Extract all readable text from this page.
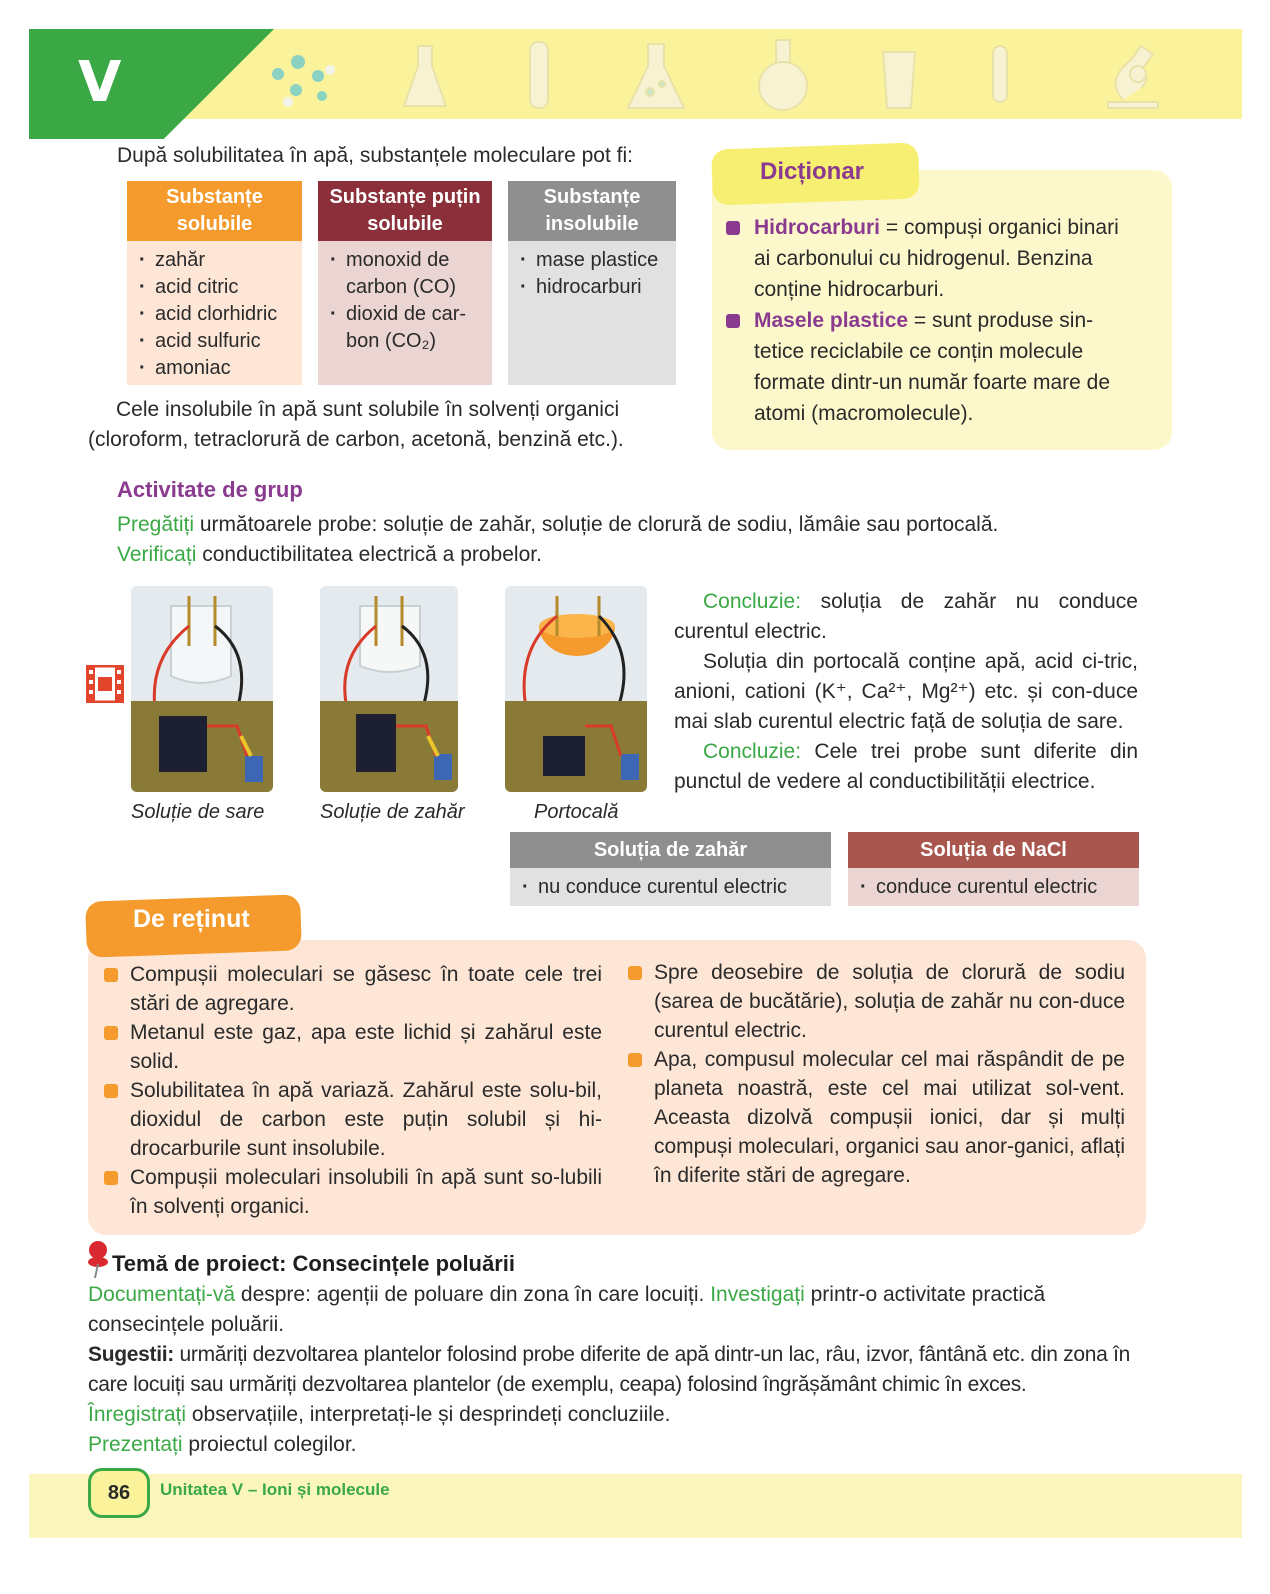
V
După solubilitatea în apă, substanțele moleculare pot fi:
Substanțe solubile
· zahăr
· acid citric
· acid clorhidric
· acid sulfuric
· amoniac
Substanțe puțin solubile
· monoxid de carbon (CO)
· dioxid de car-bon (CO₂)
Substanțe insolubile
· mase plastice
· hidrocarburi
Cele insolubile în apă sunt solubile în solvenți organici (cloroform, tetraclorură de carbon, acetonă, benzină etc.).
Dicționar
Hidrocarburi = compuși organici binari ai carbonului cu hidrogenul. Benzina conține hidrocarburi.
Masele plastice = sunt produse sin-tetice reciclabile ce conțin molecule formate dintr-un număr foarte mare de atomi (macromolecule).
Activitate de grup
Pregătiți următoarele probe: soluție de zahăr, soluție de clorură de sodiu, lămâie sau portocală.
Verificați conductibilitatea electrică a probelor.
Soluție de sare	Soluție de zahăr	Portocală
Concluzie: soluția de zahăr nu conduce curentul electric.
Soluția din portocală conține apă, acid ci-tric, anioni, cationi (K⁺, Ca²⁺, Mg²⁺) etc. și con-duce mai slab curentul electric față de soluția de sare.
Concluzie: Cele trei probe sunt diferite din punctul de vedere al conductibilității electrice.
Soluția de zahăr
· nu conduce curentul electric
Soluția de NaCl
· conduce curentul electric
De reținut
Compușii moleculari se găsesc în toate cele trei stări de agregare.
Metanul este gaz, apa este lichid și zahărul este solid.
Solubilitatea în apă variază. Zahărul este solu-bil, dioxidul de carbon este puțin solubil și hi-drocarburile sunt insolubile.
Compușii moleculari insolubili în apă sunt so-lubili în solvenți organici.
Spre deosebire de soluția de clorură de sodiu (sarea de bucătărie), soluția de zahăr nu con-duce curentul electric.
Apa, compusul molecular cel mai răspândit de pe planeta noastră, este cel mai utilizat sol-vent. Aceasta dizolvă compușii ionici, dar și mulți compuși moleculari, organici sau anor-ganici, aflați în diferite stări de agregare.
Temă de proiect: Consecințele poluării
Documentați-vă despre: agenții de poluare din zona în care locuiți. Investigați printr-o activitate practică consecințele poluării.
Sugestii: urmăriți dezvoltarea plantelor folosind probe diferite de apă dintr-un lac, râu, izvor, fântână etc. din zona în care locuiți sau urmăriți dezvoltarea plantelor (de exemplu, ceapa) folosind îngrășământ chimic în exces.
Înregistrați observațiile, interpretați-le și desprindeți concluziile.
Prezentați proiectul colegilor.
86	Unitatea V – Ioni și molecule
